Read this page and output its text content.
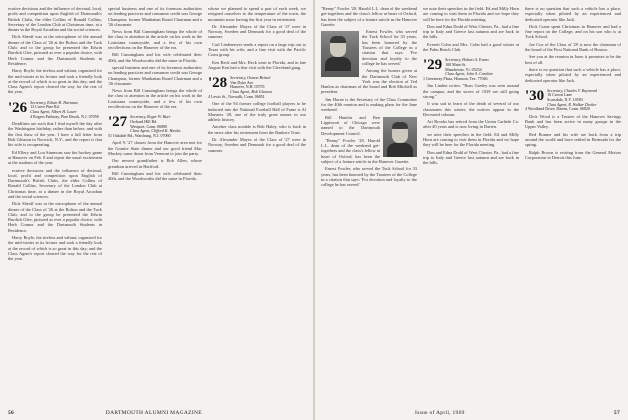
ecutive decisions and the influence of decimal, local, profit and competition upon English of Dartmouth's British Clubs, the elder Collins of Ronald Collins, Secretary of the London Club at Christmas time, at a dinner in the Royal Arcadian and the social sciences.

Dick Sheaff was at the microphone of the annual dinner of the Class of '26 at the Bolton and the Tuck Club; and to the group he presented the Edwin Burdick Glee, pictured as ever a popular choice, with Herb Connor and the Dartmouth Students in Residence.

Harry Boyle, the tireless and valiant, organized for the mid-winter at its lecture and took a friendly look at the record of which is so great in this day; and the Class Agent's report cleared the way for the rest of the year.

'26 Secretary, Edwin H. Hartman
13 Curve Pine Rd.
Class Agent, Albert H. Louer
4 Rogers Pathway, Pine Brook, N.J. 07058

Deadlines are such that I find myself the day after the Washington birthday, rather than before, and with the first thaw of the year. I have a full letter from Bob Gleason in Norwich, N.Y., and the report is that his wife is recuperating.

Ed Ellery and Lou Simmons saw the hockey game at Hanover on Feb. 8 and report the usual excitement at the stadium of the year.

ecutive decisions and the influence of decimal, local, profit and competition upon English of Dartmouth's British Clubs, the elder Collins of Ronald Collins, Secretary of the London Club at Christmas time, at a dinner in the Royal Arcadian and the social sciences.

Dick Sheaff was at the microphone of the annual dinner of the Class of '26 at the Bolton and the Tuck Club; and to the group he presented the Edwin Burdick Glee, pictured as ever a popular choice, with Herb Connor and the Dartmouth Students in Residence.

Harry Boyle, the tireless and valiant, organized for the mid-winter at its lecture and took a friendly look at the record of which is so great in this day; and the Class Agent's report cleared the way for the rest of the year.

special business and one of its foremost authorities on lending practices and consumer credit was George Champion, former Manhattan Board Chairman and a '26 classmate.

News from Bill Cunningham brings the whole of the class to attention in the article on his work in the Louisiana countryside, and a few of his own recollections on the Hanover of the era.

Bill Cunningham and his wife celebrated their 40th, and the Woodworths did the same in Florida.

special business and one of its foremost authorities on lending practices and consumer credit was George Champion, former Manhattan Board Chairman and a '26 classmate.

News from Bill Cunningham brings the whole of the class to attention in the article on his work in the Louisiana countryside, and a few of his own recollections on the Hanover of the era.

'27 Secretary, Roger W. Burr
Orchard Hill Rd.
Westport, Conn. 06880
Class Agent, Clifford K. Hawks
51 Oakdale Rd., Watchung, N.J. 07060

April 9: '27 classes from the Hanover area met for the Granite State dinner and our good friend Mac Mackey came down from Vermont to join the party.

Our newest grandfather is Bob Allen, whose grandson arrived in Hartford.

Bill Cunningham and his wife celebrated their 40th, and the Woodworths did the same in Florida.

whose we planned to spend a part of each week, we resigned ourselves to the temperature of the town, the mountain snow having the first year in retirement.

Dr. Alexander Mayes of the Class of '27 were in Norway, Sweden and Denmark for a good deal of the summer.

Carl Lindemeyer sends a report on a large trip out to Texas with his wife, and a fine visit with the Pacific Coast group.

Ken Beck and Mrs. Beck went to Florida, and in late August Ken had a fine visit with the Cleveland gang.

'28 Secretary, Osmon Bristol
Van Dyke Ave.
Hanover, N.H. 03755
Class Agent, Bob Gleason
4 Lewis St., Norwalk, Conn. 06851

One of the 94 former college football players to be inducted into the National Football Hall of Fame is Al Marsters '28, one of the truly great names in our athletic history.

Another class notable is Bob Haley, who is back in the news after his retirement from the Bankers Trust.

Dr. Alexander Mayes of the Class of '27 were in Norway, Sweden and Denmark for a good deal of the summer.

56	DARTMOUTH ALUMNI MAGAZINE

"Benny" Fowler '28, Harold L.L. dean of the weekend get-togethers and the class's fellow at heart of Oxford, has been the subject of a feature article in the Hanover Gazette.

Ernest Fowler, who served the Tuck School for 33 years, has been honored by the Trustees of the College in a citation that says: 'For devotion and loyalty to the college he has served.'

Among the honors given at the Dartmouth Club of New York was the election of Ted Hanlon as chairman of the board and Bob Mitchell as president.

Jim Horne is the Secretary of the Class Committee for the 40th reunion and is making plans for the June weekend.

Bill Hamlin and Ben Lippincott of Chicago were named to the Dartmouth Development Council.

"Benny" Fowler '28, Harold L.L. dean of the weekend get-togethers and the class's fellow at heart of Oxford, has been the subject of a feature article in the Hanover Gazette.

Ernest Fowler, who served the Tuck School for 33 years, has been honored by the Trustees of the College in a citation that says: 'For devotion and loyalty to the college he has served.'

we note their speeches in the field. Ed and Milly Horn are coming to visit them in Florida and we hope they will be here for the Florida meeting.

Don and Edna Dodd of West Chester, Pa., had a fine trip to Italy and Greece last autumn and are back in the hills.

Everett Cohn and Mrs. Cohn had a good winter at the Palm Beach Club.

'29 Secretary, Hobart A. Evans
100 Main St.
Manchester, Vt. 05254
Class Agent, John S. Caroline
1 Greenway Plaza, Houston, Tex. 77046

Jim Linden writes: "Russ Goeley was seen around the campus; and the stores of 1929 are still going strong."

It was sad to learn of the death of several of our classmates this winter; the notices appear in the Deceased column.

Art Brooks has retired from the Union Carbide Co. after 40 years and is now living in Darien.

we note their speeches in the field. Ed and Milly Horn are coming to visit them in Florida and we hope they will be here for the Florida meeting.

Don and Edna Dodd of West Chester, Pa., had a fine trip to Italy and Greece last autumn and are back in the hills.

there is no question that such a vehicle has a place, especially when piloted by an experienced and dedicated operator like Jack.

Dick Crane spent Christmas in Hanover and had a fine report on the College, and on his son who is at Tuck School.

Joe Cox of the Class of '29 is now the chairman of the board of the First National Bank of Boston.

See you at the reunion in June; it promises to be the best of all.

there is no question that such a vehicle has a place, especially when piloted by an experienced and dedicated operator like Jack.

'30 Secretary, Charles V. Raymond
16 Crown Lane
Scarsdale, N.Y. 10583
Class Agent, R. Walker Decker
4 Woodland Drive, Darien, Conn. 06820

Dick Wood is a Trustee of the Hanover Savings Bank and has been active in many groups in the Upper Valley.

Red Bonner and his wife are back from a trip around the world and have settled in Bermuda for the spring.

Ralph Brown is retiring from the General Motors Corporation in Detroit this June.

Issue of April, 1969	57
